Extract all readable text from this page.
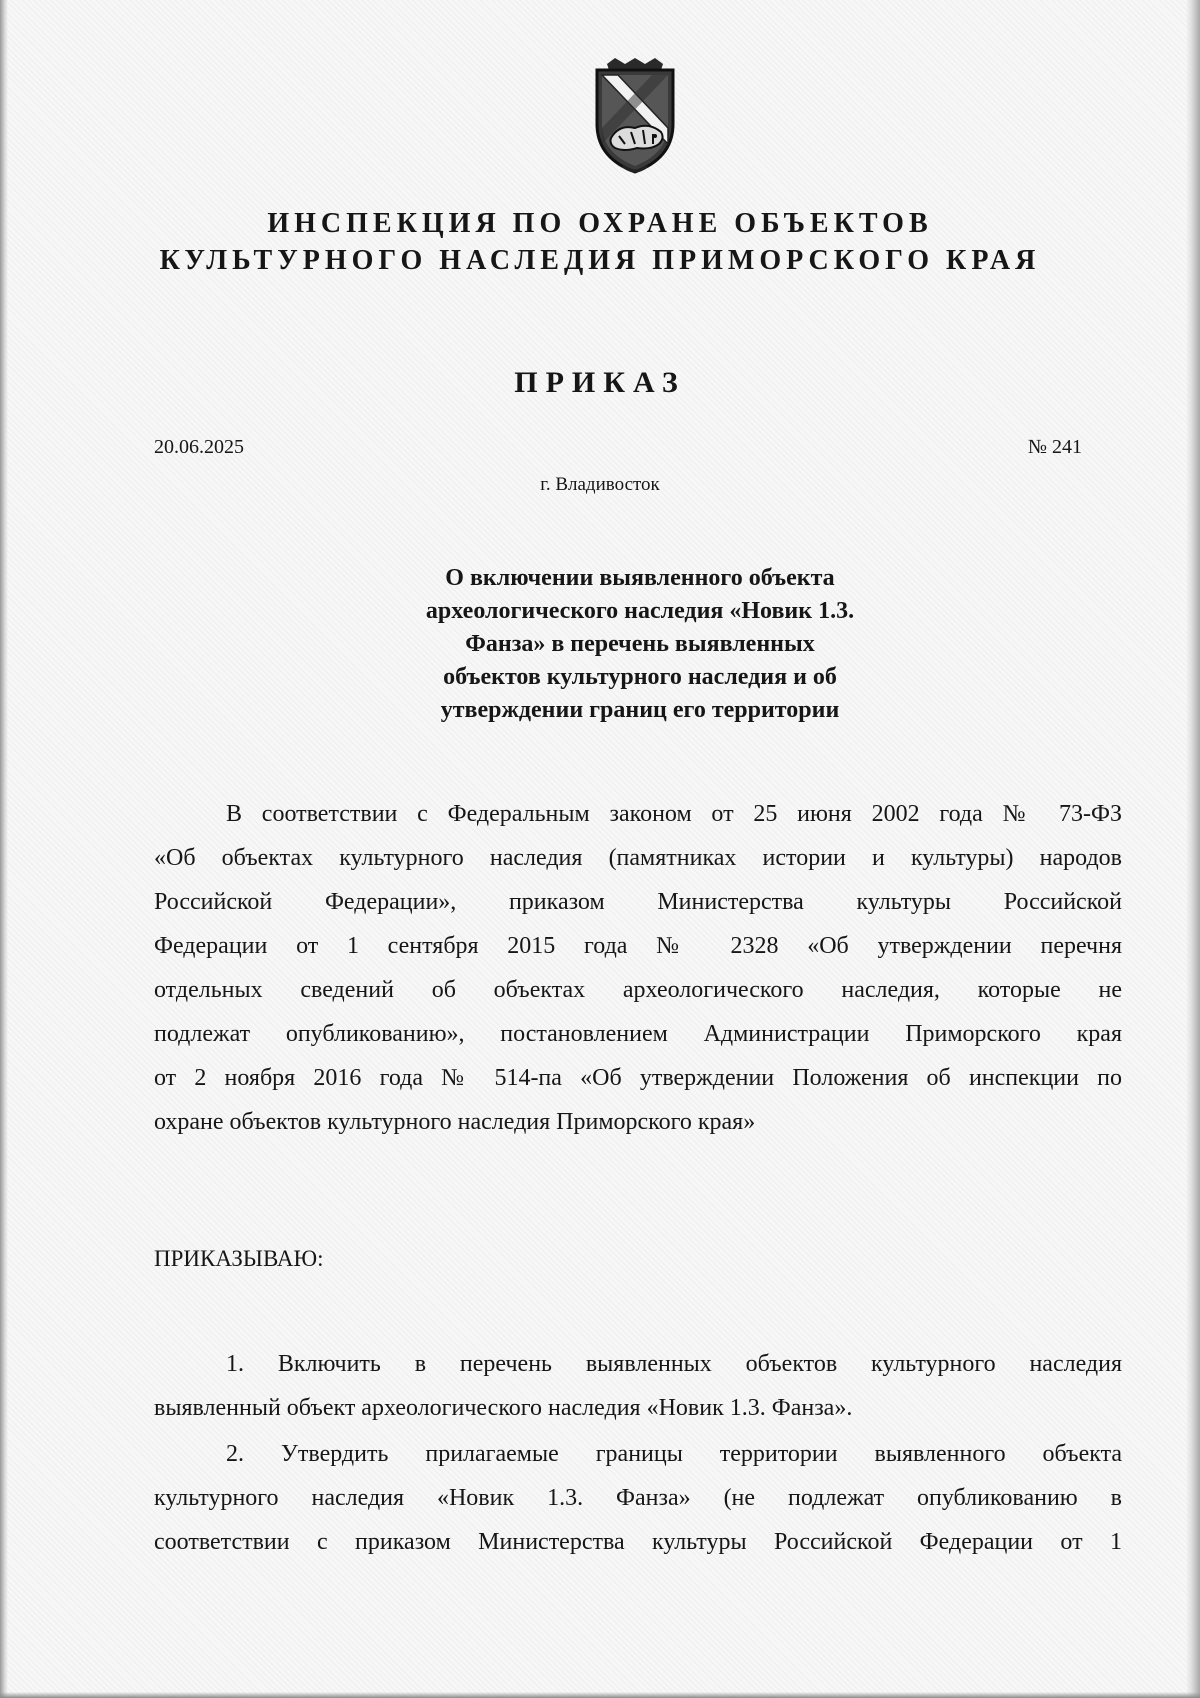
ИНСПЕКЦИЯ ПО ОХРАНЕ ОБЪЕКТОВ
КУЛЬТУРНОГО НАСЛЕДИЯ ПРИМОРСКОГО КРАЯ
ПРИКАЗ
20.06.2025	№ 241
г. Владивосток
О включении выявленного объекта
археологического наследия «Новик 1.3.
Фанза» в перечень выявленных
объектов культурного наследия и об
утверждении границ его территории
В соответствии с Федеральным законом от 25 июня 2002 года № 73-ФЗ
«Об объектах культурного наследия (памятниках истории и культуры) народов
Российской Федерации», приказом Министерства культуры Российской
Федерации от 1 сентября 2015 года № 2328 «Об утверждении перечня
отдельных сведений об объектах археологического наследия, которые не
подлежат опубликованию», постановлением Администрации Приморского края
от 2 ноября 2016 года № 514-па «Об утверждении Положения об инспекции по
охране объектов культурного наследия Приморского края»
ПРИКАЗЫВАЮ:
1. Включить в перечень выявленных объектов культурного наследия
выявленный объект археологического наследия «Новик 1.3. Фанза».
2. Утвердить прилагаемые границы территории выявленного объекта
культурного наследия «Новик 1.3. Фанза» (не подлежат опубликованию в
соответствии с приказом Министерства культуры Российской Федерации от 1
